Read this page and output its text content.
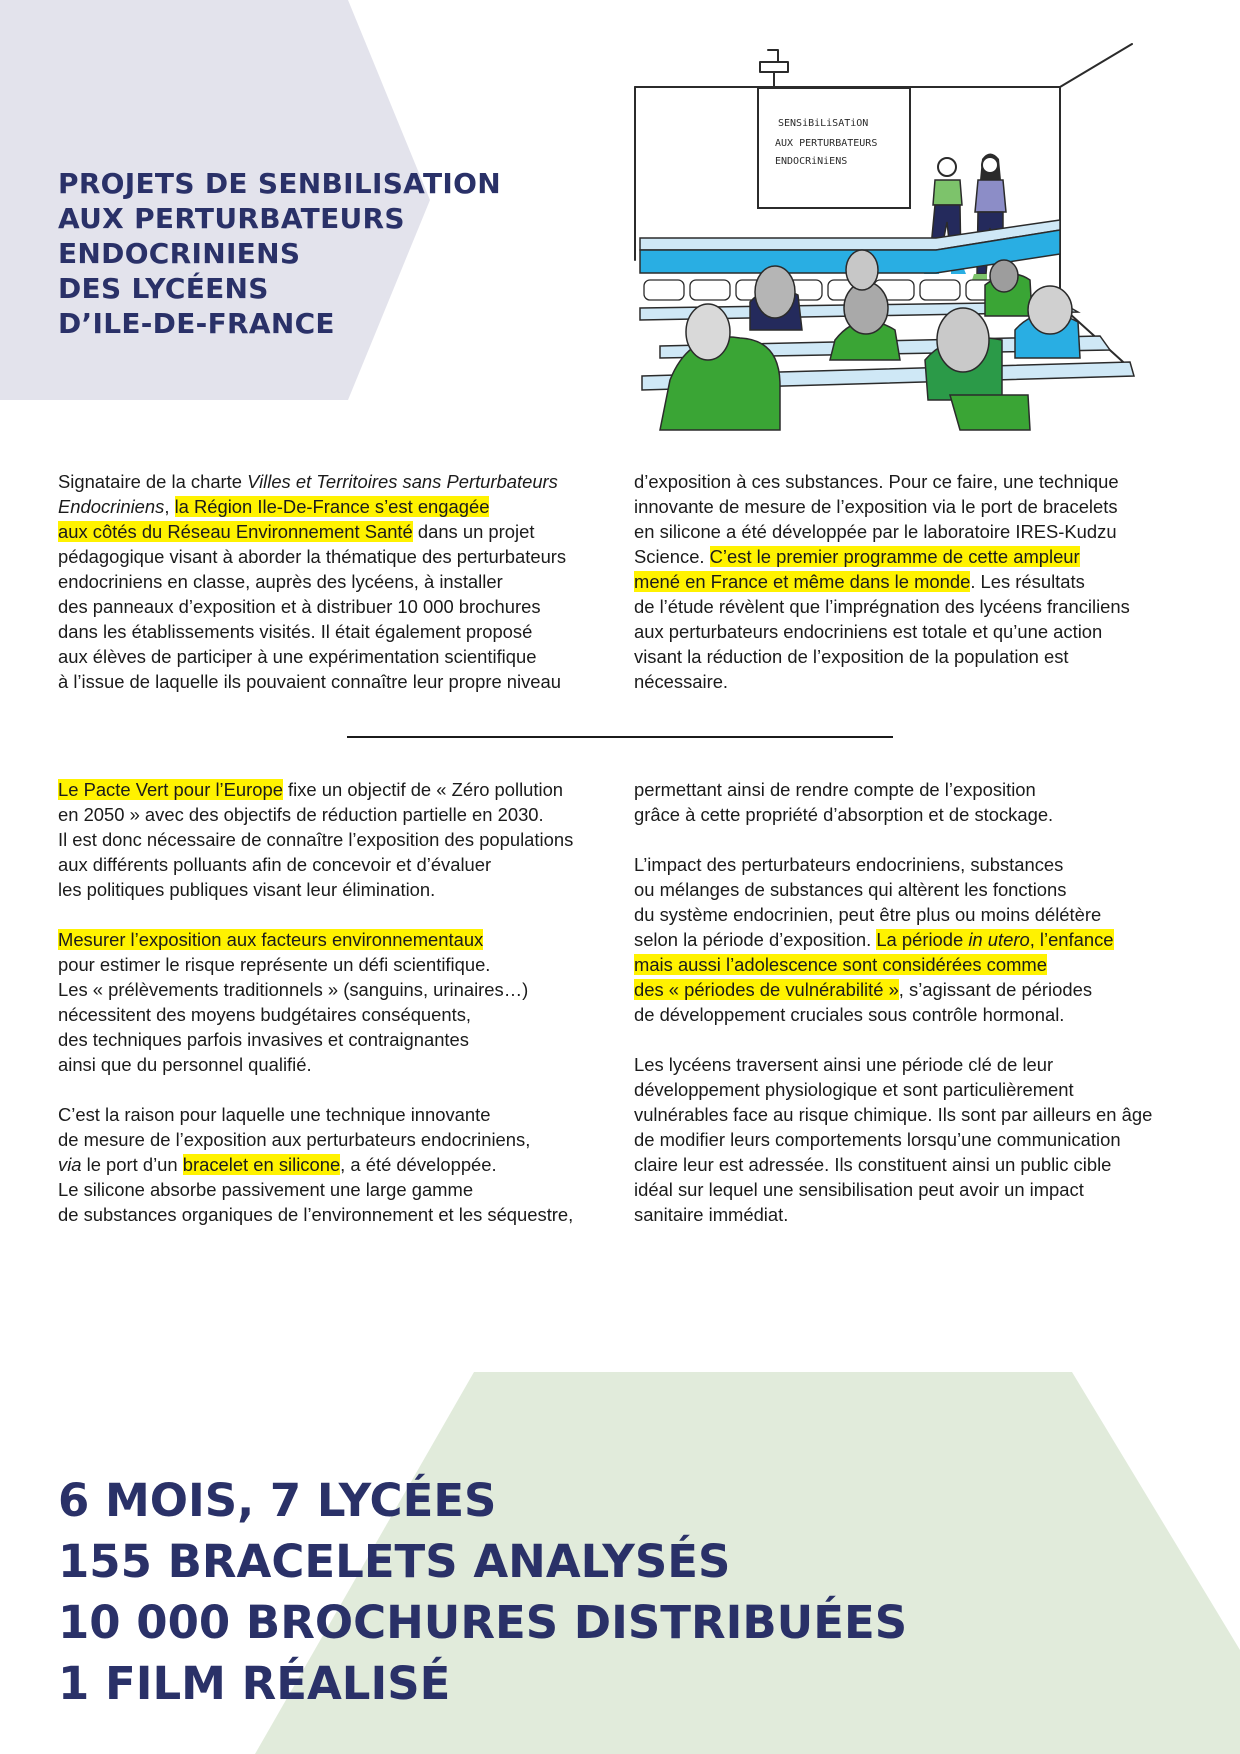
PROJETS DE SENBILISATION
AUX PERTURBATEURS
ENDOCRINIENS
DES LYCÉENS
D’ILE-DE-FRANCE
SENSiBiLiSATiON
AUX PERTURBATEURS
ENDOCRiNiENS
Signataire de la charte Villes et Territoires sans Perturbateurs
Endocriniens, la Région Ile-De-France s’est engagée
aux côtés du Réseau Environnement Santé dans un projet
pédagogique visant à aborder la thématique des perturbateurs
endocriniens en classe, auprès des lycéens, à installer
des panneaux d’exposition et à distribuer 10 000 brochures
dans les établissements visités. Il était également proposé
aux élèves de participer à une expérimentation scientifique
à l’issue de laquelle ils pouvaient connaître leur propre niveau
d’exposition à ces substances. Pour ce faire, une technique
innovante de mesure de l’exposition via le port de bracelets
en silicone a été développée par le laboratoire IRES-Kudzu
Science. C’est le premier programme de cette ampleur
mené en France et même dans le monde. Les résultats
de l’étude révèlent que l’imprégnation des lycéens franciliens
aux perturbateurs endocriniens est totale et qu’une action
visant la réduction de l’exposition de la population est
nécessaire.

Le Pacte Vert pour l’Europe fixe un objectif de « Zéro pollution
en 2050 » avec des objectifs de réduction partielle en 2030.
Il est donc nécessaire de connaître l’exposition des populations
aux différents polluants afin de concevoir et d’évaluer
les politiques publiques visant leur élimination.

Mesurer l’exposition aux facteurs environnementaux
pour estimer le risque représente un défi scientifique.
Les « prélèvements traditionnels » (sanguins, urinaires…)
nécessitent des moyens budgétaires conséquents,
des techniques parfois invasives et contraignantes
ainsi que du personnel qualifié.

C’est la raison pour laquelle une technique innovante
de mesure de l’exposition aux perturbateurs endocriniens,
via le port d’un bracelet en silicone, a été développée.
Le silicone absorbe passivement une large gamme
de substances organiques de l’environnement et les séquestre,

permettant ainsi de rendre compte de l’exposition
grâce à cette propriété d’absorption et de stockage.

L’impact des perturbateurs endocriniens, substances
ou mélanges de substances qui altèrent les fonctions
du système endocrinien, peut être plus ou moins délétère
selon la période d’exposition. La période in utero, l’enfance
mais aussi l’adolescence sont considérées comme
des « périodes de vulnérabilité », s’agissant de périodes
de développement cruciales sous contrôle hormonal.

Les lycéens traversent ainsi une période clé de leur
développement physiologique et sont particulièrement
vulnérables face au risque chimique. Ils sont par ailleurs en âge
de modifier leurs comportements lorsqu’une communication
claire leur est adressée. Ils constituent ainsi un public cible
idéal sur lequel une sensibilisation peut avoir un impact
sanitaire immédiat.

6 MOIS, 7 LYCÉES
155 BRACELETS ANALYSÉS
10 000 BROCHURES DISTRIBUÉES
1 FILM RÉALISÉ
